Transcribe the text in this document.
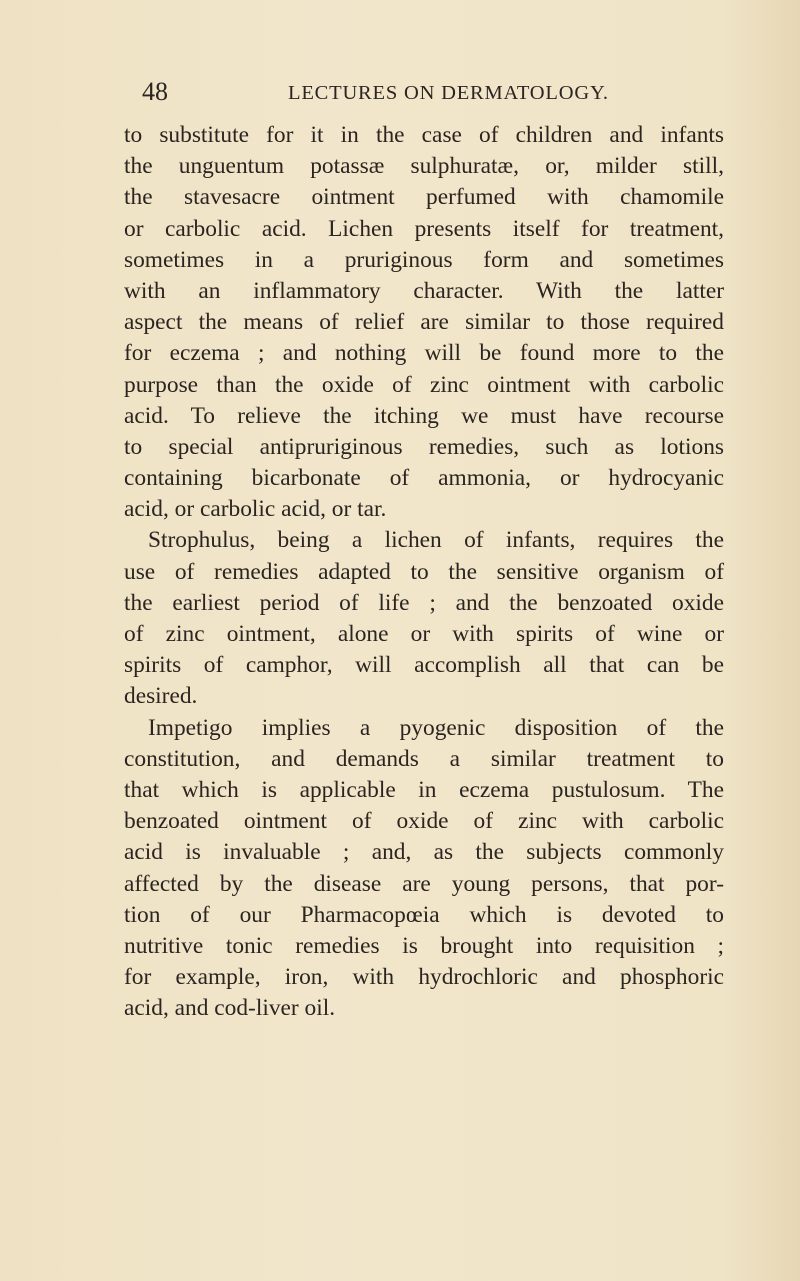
48	LECTURES ON DERMATOLOGY.
to substitute for it in the case of children and infants
the unguentum potassæ sulphuratæ, or, milder still,
the stavesacre ointment perfumed with chamomile
or carbolic acid. Lichen presents itself for treatment,
sometimes in a pruriginous form and sometimes
with an inflammatory character. With the latter
aspect the means of relief are similar to those required
for eczema ; and nothing will be found more to the
purpose than the oxide of zinc ointment with carbolic
acid. To relieve the itching we must have recourse
to special antipruriginous remedies, such as lotions
containing bicarbonate of ammonia, or hydrocyanic
acid, or carbolic acid, or tar.
Strophulus, being a lichen of infants, requires the
use of remedies adapted to the sensitive organism of
the earliest period of life ; and the benzoated oxide
of zinc ointment, alone or with spirits of wine or
spirits of camphor, will accomplish all that can be
desired.
Impetigo implies a pyogenic disposition of the
constitution, and demands a similar treatment to
that which is applicable in eczema pustulosum. The
benzoated ointment of oxide of zinc with carbolic
acid is invaluable ; and, as the subjects commonly
affected by the disease are young persons, that por-
tion of our Pharmacopœia which is devoted to
nutritive tonic remedies is brought into requisition ;
for example, iron, with hydrochloric and phosphoric
acid, and cod-liver oil.
